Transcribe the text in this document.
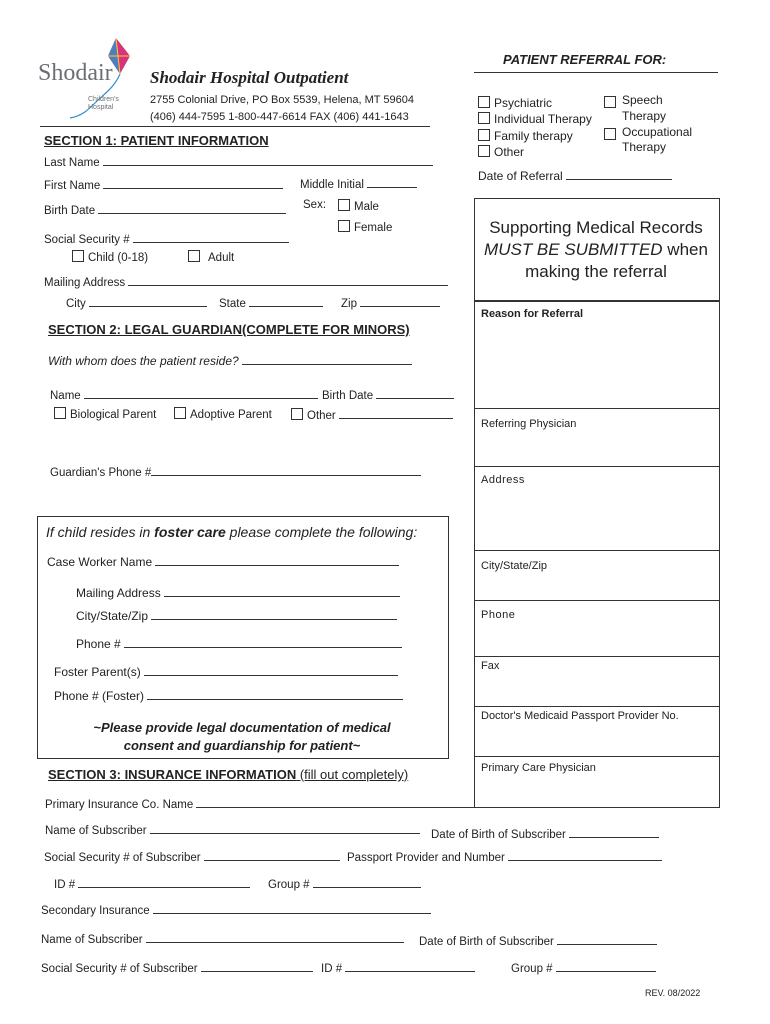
Shodair
Children's
Hospital
Shodair Hospital Outpatient
2755 Colonial Drive, PO Box 5539, Helena, MT 59604
(406) 444-7595 1-800-447-6614 FAX (406) 441-1643
PATIENT REFERRAL FOR:
Psychiatric
Individual Therapy
Family therapy
Other
Speech
Therapy
Occupational
Therapy
Date of Referral
Supporting Medical Records
MUST BE SUBMITTED when
making the referral
Reason for Referral
Referring Physician
Address
City/State/Zip
Phone
Fax
Doctor's Medicaid Passport Provider No.
Primary Care Physician
SECTION 1: PATIENT INFORMATION
Last Name
First Name	Middle Initial
Birth Date	Sex:	Male
Female
Social Security #
Child (0-18)	Adult
Mailing Address
City	State	Zip
SECTION 2: LEGAL GUARDIAN(COMPLETE FOR MINORS)
With whom does the patient reside?
Name	Birth Date
Biological Parent	Adoptive Parent	Other
Guardian's Phone #
If child resides in foster care please complete the following:
Case Worker Name
Mailing Address
City/State/Zip
Phone #
Foster Parent(s)
Phone # (Foster)
~Please provide legal documentation of medical
consent and guardianship for patient~
SECTION 3: INSURANCE INFORMATION (fill out completely)
Primary Insurance Co. Name
Name of Subscriber	Date of Birth of Subscriber
Social Security # of Subscriber	Passport Provider and Number
ID #	Group #
Secondary Insurance
Name of Subscriber	Date of Birth of Subscriber
Social Security # of Subscriber	ID #	Group #
REV. 08/2022
